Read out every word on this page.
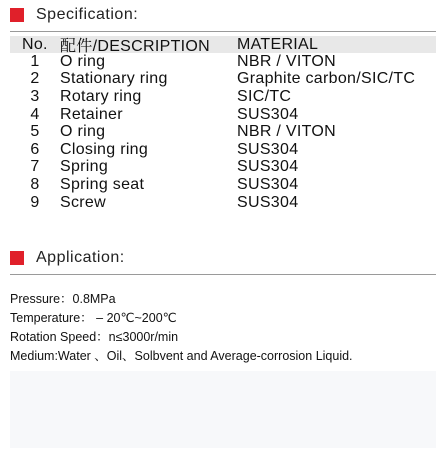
Specification:
No. 配件/DESCRIPTION	MATERIAL
1	O ring	NBR / VITON
2	Stationary ring	Graphite carbon/SIC/TC
3	Rotary ring	SIC/TC
4	Retainer	SUS304
5	O ring	NBR / VITON
6	Closing ring	SUS304
7	Spring	SUS304
8	Spring seat	SUS304
9	Screw	SUS304
Application:
Pressure：0.8MPa
Temperature： – 20℃~200℃
Rotation Speed：n≤3000r/min
Medium:Water 、Oil、Solbvent and Average-corrosion Liquid.
